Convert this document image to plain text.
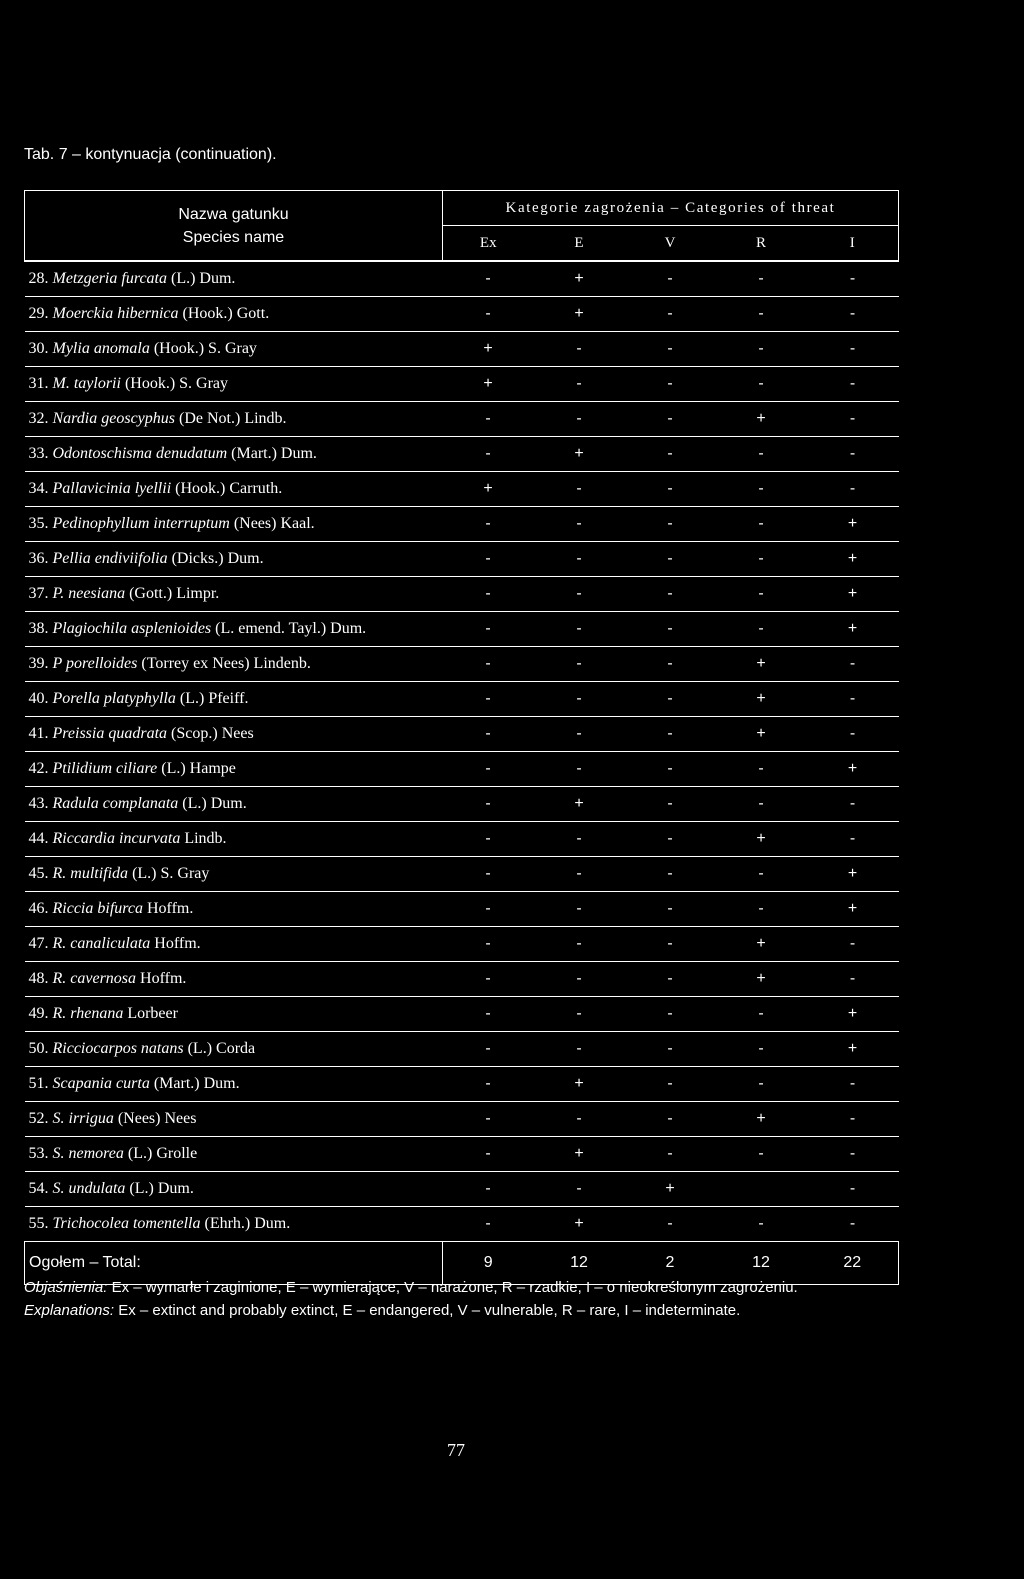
Tab. 7 – kontynuacja (continuation).
Nazwa gatunku
Species name	Kategorie zagrożenia – Categories of threat				
	Ex	E	V	R	I
28. Metzgeria furcata (L.) Dum.	-	+	-	-	-
29. Moerckia hibernica (Hook.) Gott.	-	+	-	-	-
30. Mylia anomala (Hook.) S. Gray	+	-	-	-	-
31. M. taylorii (Hook.) S. Gray	+	-	-	-	-
32. Nardia geoscyphus (De Not.) Lindb.	-	-	-	+	-
33. Odontoschisma denudatum (Mart.) Dum.	-	+	-	-	-
34. Pallavicinia lyellii (Hook.) Carruth.	+	-	-	-	-
35. Pedinophyllum interruptum (Nees) Kaal.	-	-	-	-	+
36. Pellia endiviifolia (Dicks.) Dum.	-	-	-	-	+
37. P. neesiana (Gott.) Limpr.	-	-	-	-	+
38. Plagiochila asplenioides (L. emend. Tayl.) Dum.	-	-	-	-	+
39. P porelloides (Torrey ex Nees) Lindenb.	-	-	-	+	-
40. Porella platyphylla (L.) Pfeiff.	-	-	-	+	-
41. Preissia quadrata (Scop.) Nees	-	-	-	+	-
42. Ptilidium ciliare (L.) Hampe	-	-	-	-	+
43. Radula complanata (L.) Dum.	-	+	-	-	-
44. Riccardia incurvata Lindb.	-	-	-	+	-
45. R. multifida (L.) S. Gray	-	-	-	-	+
46. Riccia bifurca Hoffm.	-	-	-	-	+
47. R. canaliculata Hoffm.	-	-	-	+	-
48. R. cavernosa Hoffm.	-	-	-	+	-
49. R. rhenana Lorbeer	-	-	-	-	+
50. Ricciocarpos natans (L.) Corda	-	-	-	-	+
51. Scapania curta (Mart.) Dum.	-	+	-	-	-
52. S. irrigua (Nees) Nees	-	-	-	+	-
53. S. nemorea (L.) Grolle	-	+	-	-	-
54. S. undulata (L.) Dum.	-	-	+		-
55. Trichocolea tomentella (Ehrh.) Dum.	-	+	-	-	-
Ogołem – Total:	9	12	2	12	22
Objaśnienia: Ex – wymarłe i zaginione, E – wymierające, V – narażone, R – rzadkie, I – o nieokreślonym zagrożeniu.
Explanations: Ex – extinct and probably extinct, E – endangered, V – vulnerable, R – rare, I – indeterminate.
77
